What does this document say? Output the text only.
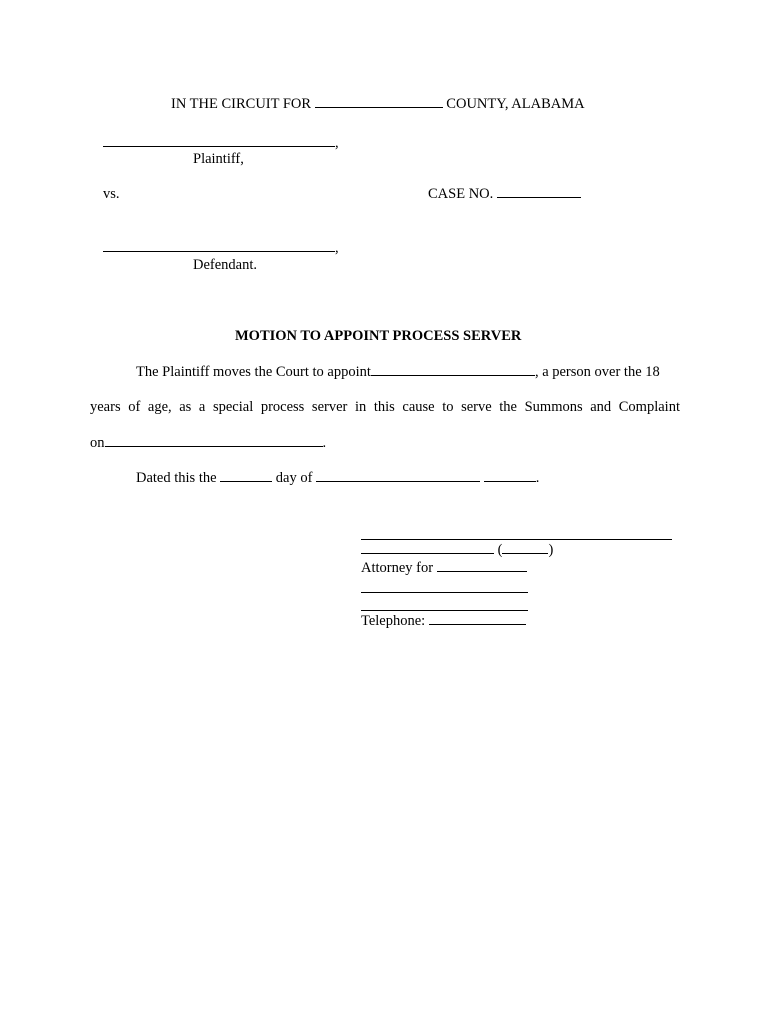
IN THE CIRCUIT FOR	COUNTY, ALABAMA
,
Plaintiff,
vs.	CASE NO.
,
Defendant.
MOTION TO APPOINT PROCESS SERVER
The Plaintiff moves the Court to appoint	, a person over the 18
years of age, as a special process server in this cause to serve the Summons and Complaint
on	.
Dated this the	day of	.
(	)
Attorney for
Telephone:
